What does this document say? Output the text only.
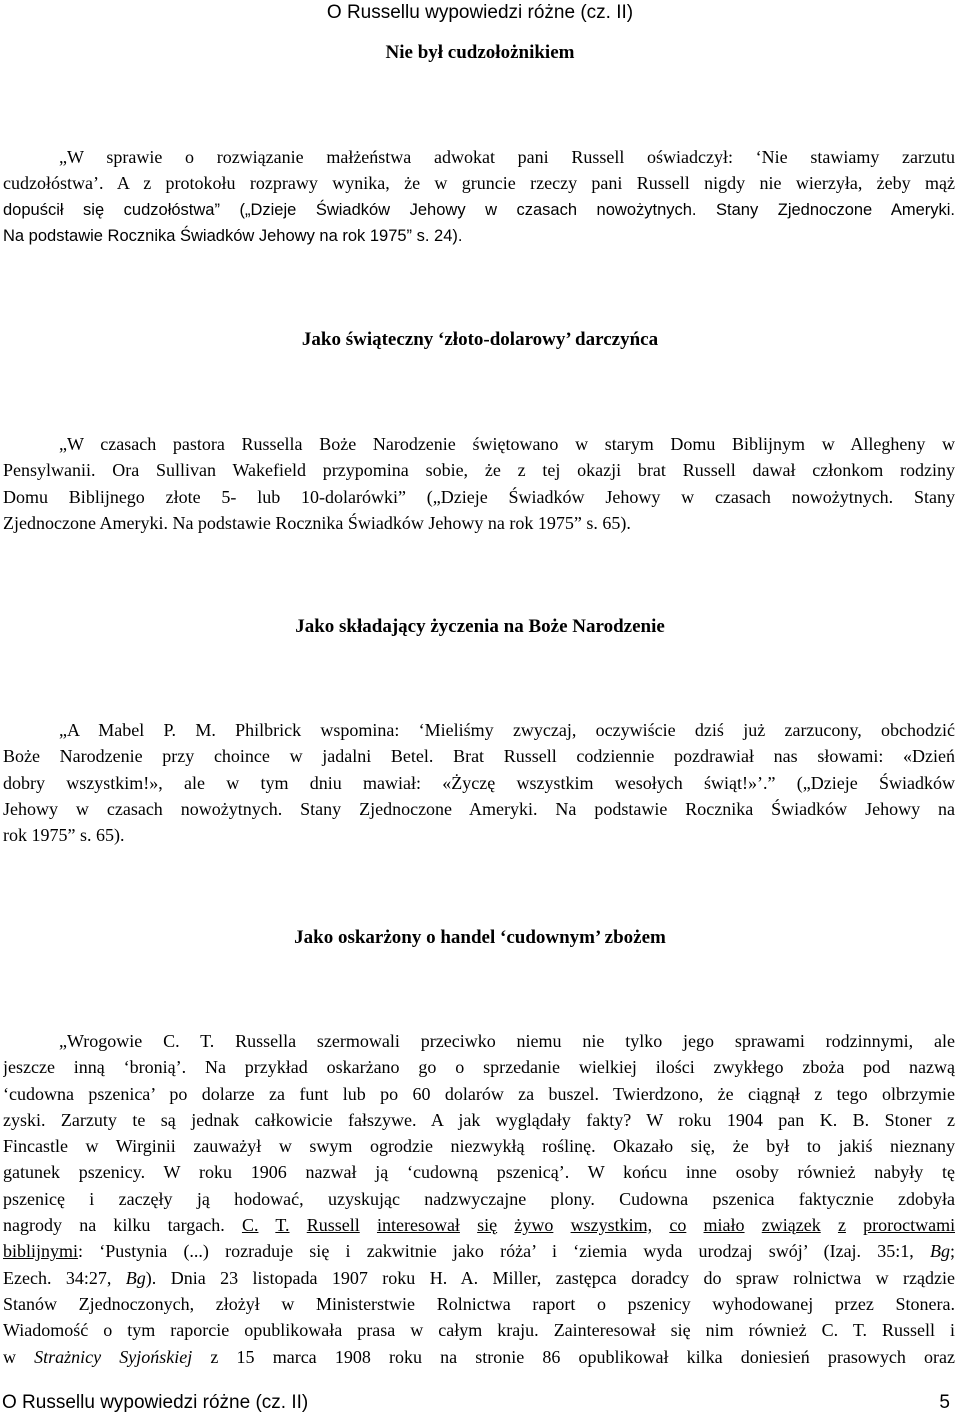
O Russellu wypowiedzi różne (cz. II)
Nie był cudzołożnikiem
„W sprawie o rozwiązanie małżeństwa adwokat pani Russell oświadczył: ‘Nie stawiamy zarzutu
cudzołóstwa’. A z protokołu rozprawy wynika, że w gruncie rzeczy pani Russell nigdy nie wierzyła, żeby mąż
dopuścił się cudzołóstwa” („Dzieje Świadków Jehowy w czasach nowożytnych. Stany Zjednoczone Ameryki.
Na podstawie Rocznika Świadków Jehowy na rok 1975” s. 24).
Jako świąteczny ‘złoto-dolarowy’ darczyńca
„W czasach pastora Russella Boże Narodzenie świętowano w starym Domu Biblijnym w Allegheny w
Pensylwanii. Ora Sullivan Wakefield przypomina sobie, że z tej okazji brat Russell dawał członkom rodziny
Domu Biblijnego złote 5- lub 10-dolarówki” („Dzieje Świadków Jehowy w czasach nowożytnych. Stany
Zjednoczone Ameryki. Na podstawie Rocznika Świadków Jehowy na rok 1975” s. 65).
Jako składający życzenia na Boże Narodzenie
„A Mabel P. M. Philbrick wspomina: ‘Mieliśmy zwyczaj, oczywiście dziś już zarzucony, obchodzić
Boże Narodzenie przy choince w jadalni Betel. Brat Russell codziennie pozdrawiał nas słowami: «Dzień
dobry wszystkim!», ale w tym dniu mawiał: «Życzę wszystkim wesołych świąt!»’.” („Dzieje Świadków
Jehowy w czasach nowożytnych. Stany Zjednoczone Ameryki. Na podstawie Rocznika Świadków Jehowy na
rok 1975” s. 65).
Jako oskarżony o handel ‘cudownym’ zbożem
„Wrogowie C. T. Russella szermowali przeciwko niemu nie tylko jego sprawami rodzinnymi, ale
jeszcze inną ‘bronią’. Na przykład oskarżano go o sprzedanie wielkiej ilości zwykłego zboża pod nazwą
‘cudowna pszenica’ po dolarze za funt lub po 60 dolarów za buszel. Twierdzono, że ciągnął z tego olbrzymie
zyski. Zarzuty te są jednak całkowicie fałszywe. A jak wyglądały fakty? W roku 1904 pan K. B. Stoner z
Fincastle w Wirginii zauważył w swym ogrodzie niezwykłą roślinę. Okazało się, że był to jakiś nieznany
gatunek pszenicy. W roku 1906 nazwał ją ‘cudowną pszenicą’. W końcu inne osoby również nabyły tę
pszenicę i zaczęły ją hodować, uzyskując nadzwyczajne plony. Cudowna pszenica faktycznie zdobyła
nagrody na kilku targach. C. T. Russell interesował się żywo wszystkim, co miało związek z proroctwami
biblijnymi: ‘Pustynia (...) rozraduje się i zakwitnie jako róża’ i ‘ziemia wyda urodzaj swój’ (Izaj. 35:1, Bg;
Ezech. 34:27, Bg). Dnia 23 listopada 1907 roku H. A. Miller, zastępca doradcy do spraw rolnictwa w rządzie
Stanów Zjednoczonych, złożył w Ministerstwie Rolnictwa raport o pszenicy wyhodowanej przez Stonera.
Wiadomość o tym raporcie opublikowała prasa w całym kraju. Zainteresował się nim również C. T. Russell i
w Strażnicy Syjońskiej z 15 marca 1908 roku na stronie 86 opublikował kilka doniesień prasowych oraz
O Russellu wypowiedzi różne (cz. II)	5
